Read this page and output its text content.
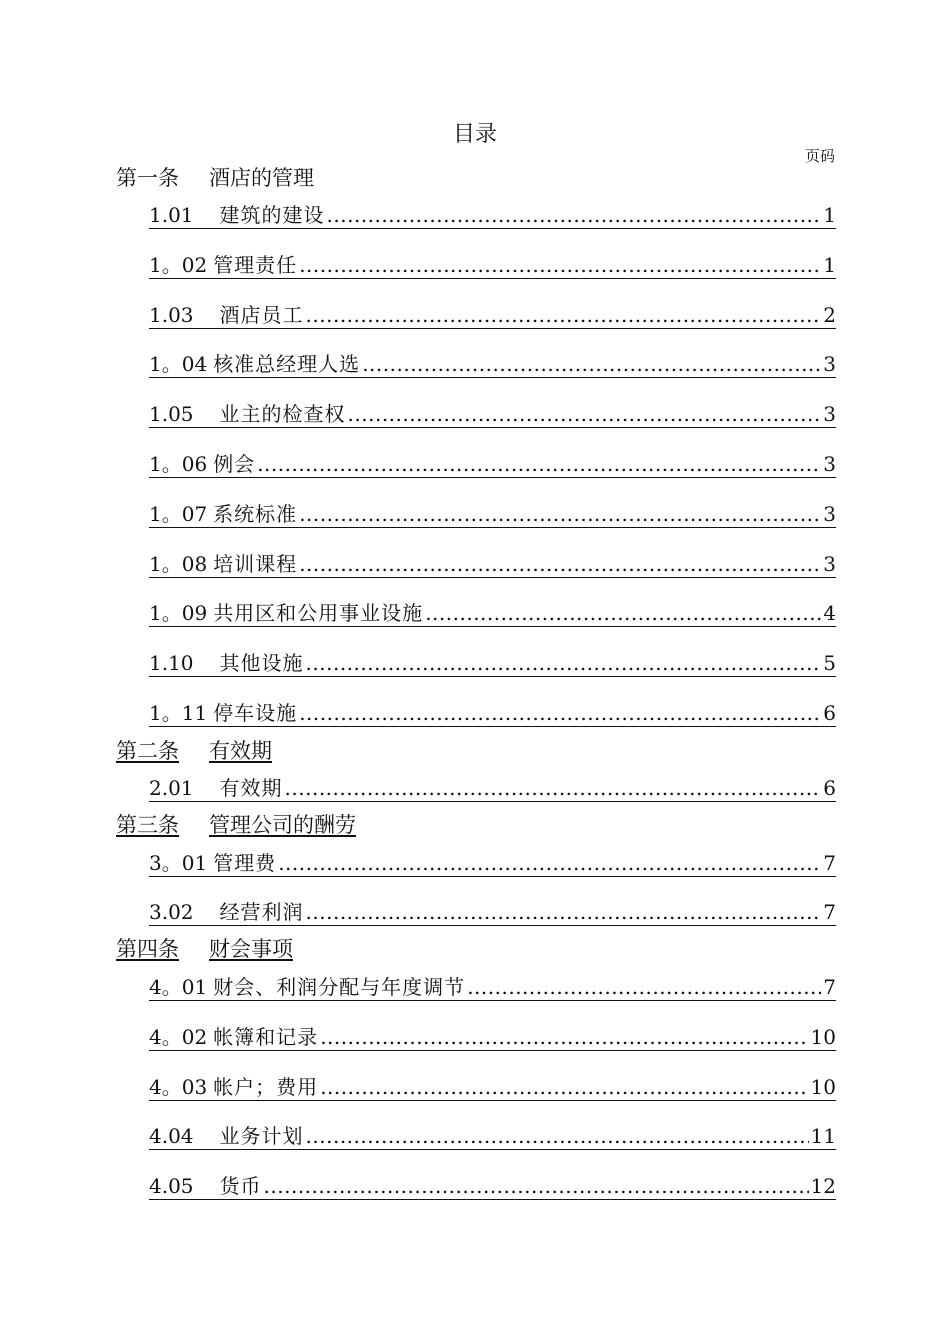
目录
页码
第一条 酒店的管理
1.01 建筑的建设 .....	1
1。02 管理责任 .....	1
1.03 酒店员工 .....	2
1。04 核准总经理人选 .....	3
1.05 业主的检查权 .....	3
1。06 例会 .....	3
1。07 系统标准 .....	3
1。08 培训课程 .....	3
1。09 共用区和公用事业设施 .....	4
1.10 其他设施 .....	5
1。11 停车设施 .....	6
第二条 有效期
2.01 有效期 .....	6
第三条 管理公司的酬劳
3。01 管理费 .....	7
3.02 经营利润 .....	7
第四条 财会事项
4。01 财会、利润分配与年度调节 .....	7
4。02 帐簿和记录 .....	10
4。03 帐户；费用 .....	10
4.04 业务计划 .....	11
4.05 货币 .....	12
